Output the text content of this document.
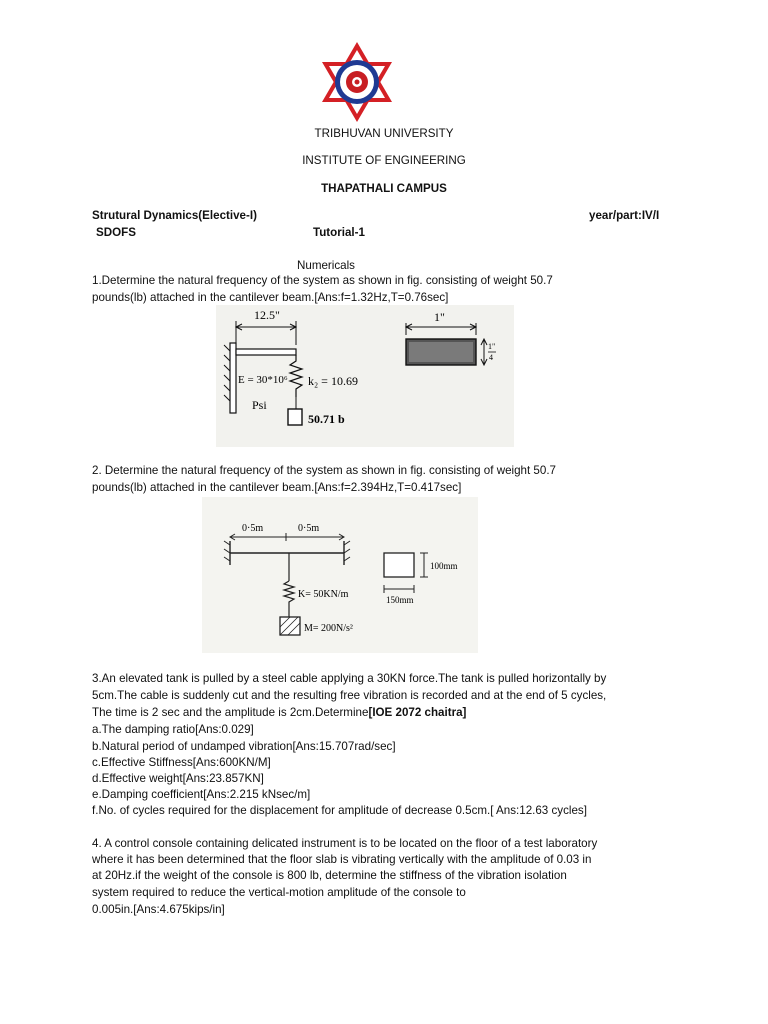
TRIBHUVAN UNIVERSITY
INSTITUTE OF ENGINEERING
THAPATHALI CAMPUS
Strutural Dynamics(Elective-I)	year/part:IV/I
SDOFS	Tutorial-1
Numericals
1.Determine the natural frequency of the system as shown in fig. consisting of weight 50.7
pounds(lb) attached in the cantilever beam.[Ans:f=1.32Hz,T=0.76sec]
12.5"
E = 30*10⁶ k₂ = 10.69
Psi
50.71 b
1"
1"
4
2. Determine the natural frequency of the system as shown in fig. consisting of weight 50.7
pounds(lb) attached in the cantilever beam.[Ans:f=2.394Hz,T=0.417sec]
0·5m	0·5m
K= 50KN/m
M= 200N/s²
100mm
150mm
3.An elevated tank is pulled by a steel cable applying a 30KN force.The tank is pulled horizontally by
5cm.The cable is suddenly cut and the resulting free vibration is recorded and at the end of 5 cycles,
The time is 2 sec and the amplitude is 2cm.Determine[IOE 2072 chaitra]
a.The damping ratio[Ans:0.029]
b.Natural period of undamped vibration[Ans:15.707rad/sec]
c.Effective Stiffness[Ans:600KN/M]
d.Effective weight[Ans:23.857KN]
e.Damping coefficient[Ans:2.215 kNsec/m]
f.No. of cycles required for the displacement for amplitude of decrease 0.5cm.[ Ans:12.63 cycles]
4. A control console containing delicated instrument is to be located on the floor of a test laboratory
where it has been determined that the floor slab is vibrating vertically with the amplitude of 0.03 in
at 20Hz.if the weight of the console is 800 lb, determine the stiffness of the vibration isolation
system required to reduce the vertical-motion amplitude of the console to
0.005in.[Ans:4.675kips/in]
